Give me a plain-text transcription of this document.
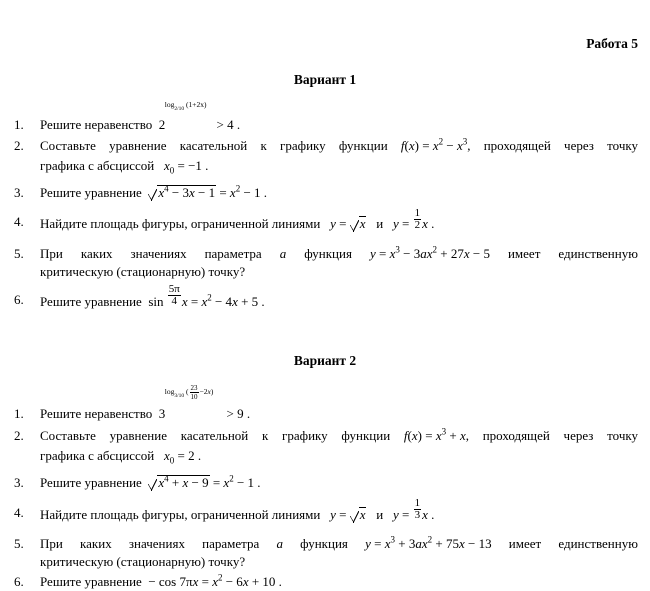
Работа 5
Вариант 1
1. Решите неравенство 2
$\log_{2/10} (1+2x)$
> 4 .
2. Составьте уравнение касательной к графику функции $f(x) = x^2 - x^3$, проходящей через точку
графика с абсциссой $x_0 = -1$ .
3. Решите уравнение $x^4 - 3x - 1 = x^2 - 1$ .
4. Найдите площадь фигуры, ограниченной линиями y = x и $y = \frac{1}{2}$ x .
5. При каких значениях параметра a функция $y = x^3 - 3ax^2 + 27x - 5$ имеет единственную
критическую (стационарную) точку?
6. Решите уравнение $\sin \frac{5\pi}{4}$ $x = x^2 - 4x + 5$ .
Вариант 2
1. Решите неравенство 3
$\log_{3/10}$ ( $\frac{23}{10} -2x$)
> 9 .
2. Составьте уравнение касательной к графику функции $f(x) = x^3 + x$, проходящей через точку
графика с абсциссой $x_0 = 2$ .
3. Решите уравнение $x^4 + x - 9 = x^2 - 1$ .
4. Найдите площадь фигуры, ограниченной линиями y = x и $y = \frac{1}{3}$ x .
5. При каких значениях параметра a функция $y = x^3 + 3ax^2 + 75x - 13$ имеет единственную
критическую (стационарную) точку?
6. Решите уравнение − $\cos 7\pi x = x^2 - 6x + 10$ .
